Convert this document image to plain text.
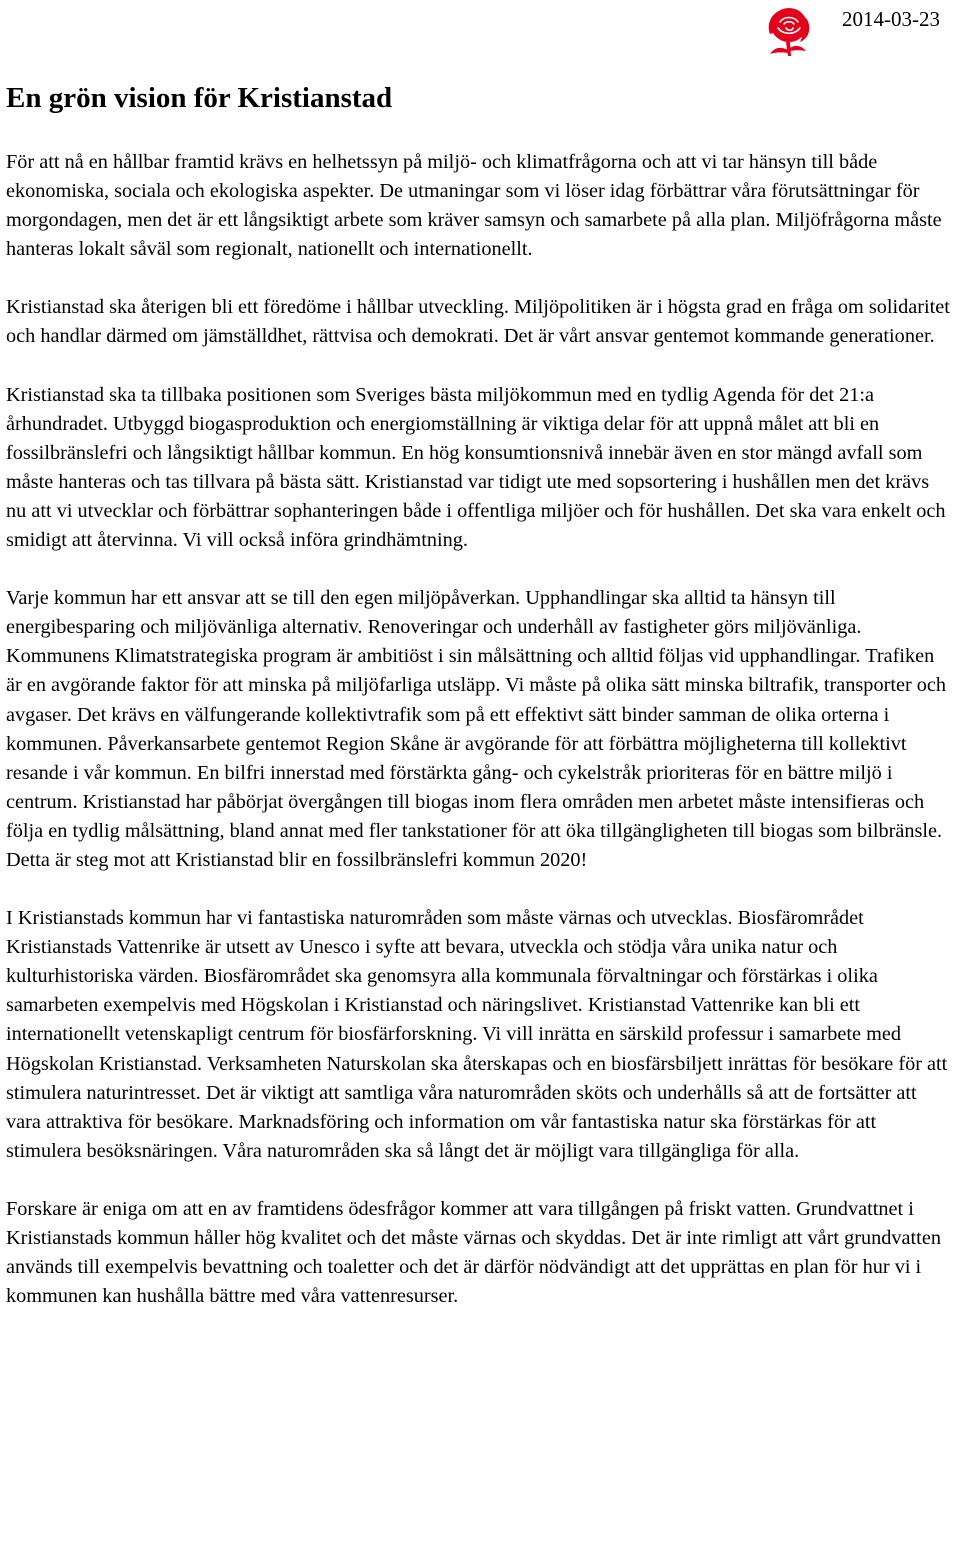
2014-03-23
En grön vision för Kristianstad

För att nå en hållbar framtid krävs en helhetssyn på miljö- och klimatfrågorna och att vi tar hänsyn till både ekonomiska, sociala och ekologiska aspekter. De utmaningar som vi löser idag förbättrar våra förutsättningar för morgondagen, men det är ett långsiktigt arbete som kräver samsyn och samarbete på alla plan. Miljöfrågorna måste hanteras lokalt såväl som regionalt, nationellt och internationellt.

Kristianstad ska återigen bli ett föredöme i hållbar utveckling. Miljöpolitiken är i högsta grad en fråga om solidaritet och handlar därmed om jämställdhet, rättvisa och demokrati. Det är vårt ansvar gentemot kommande generationer.

Kristianstad ska ta tillbaka positionen som Sveriges bästa miljökommun med en tydlig Agenda för det 21:a århundradet. Utbyggd biogasproduktion och energiomställning är viktiga delar för att uppnå målet att bli en fossilbränslefri och långsiktigt hållbar kommun. En hög konsumtionsnivå innebär även en stor mängd avfall som måste hanteras och tas tillvara på bästa sätt. Kristianstad var tidigt ute med sopsortering i hushållen men det krävs nu att vi utvecklar och förbättrar sophanteringen både i offentliga miljöer och för hushållen. Det ska vara enkelt och smidigt att återvinna. Vi vill också införa grindhämtning.

Varje kommun har ett ansvar att se till den egen miljöpåverkan. Upphandlingar ska alltid ta hänsyn till energibesparing och miljövänliga alternativ. Renoveringar och underhåll av fastigheter görs miljövänliga. Kommunens Klimatstrategiska program är ambitiöst i sin målsättning och alltid följas vid upphandlingar. Trafiken är en avgörande faktor för att minska på miljöfarliga utsläpp. Vi måste på olika sätt minska biltrafik, transporter och avgaser. Det krävs en välfungerande kollektivtrafik som på ett effektivt sätt binder samman de olika orterna i kommunen. Påverkansarbete gentemot Region Skåne är avgörande för att förbättra möjligheterna till kollektivt resande i vår kommun. En bilfri innerstad med förstärkta gång- och cykelstråk prioriteras för en bättre miljö i centrum. Kristianstad har påbörjat övergången till biogas inom flera områden men arbetet måste intensifieras och följa en tydlig målsättning, bland annat med fler tankstationer för att öka tillgängligheten till biogas som bilbränsle. Detta är steg mot att Kristianstad blir en fossilbränslefri kommun 2020!

I Kristianstads kommun har vi fantastiska naturområden som måste värnas och utvecklas. Biosfärområdet Kristianstads Vattenrike är utsett av Unesco i syfte att bevara, utveckla och stödja våra unika natur och kulturhistoriska värden. Biosfärområdet ska genomsyra alla kommunala förvaltningar och förstärkas i olika samarbeten exempelvis med Högskolan i Kristianstad och näringslivet. Kristianstad Vattenrike kan bli ett internationellt vetenskapligt centrum för biosfärforskning. Vi vill inrätta en särskild professur i samarbete med Högskolan Kristianstad. Verksamheten Naturskolan ska återskapas och en biosfärsbiljett inrättas för besökare för att stimulera naturintresset. Det är viktigt att samtliga våra naturområden sköts och underhålls så att de fortsätter att vara attraktiva för besökare. Marknadsföring och information om vår fantastiska natur ska förstärkas för att stimulera besöksnäringen. Våra naturområden ska så långt det är möjligt vara tillgängliga för alla.

Forskare är eniga om att en av framtidens ödesfrågor kommer att vara tillgången på friskt vatten. Grundvattnet i Kristianstads kommun håller hög kvalitet och det måste värnas och skyddas. Det är inte rimligt att vårt grundvatten används till exempelvis bevattning och toaletter och det är därför nödvändigt att det upprättas en plan för hur vi i kommunen kan hushålla bättre med våra vattenresurser.
